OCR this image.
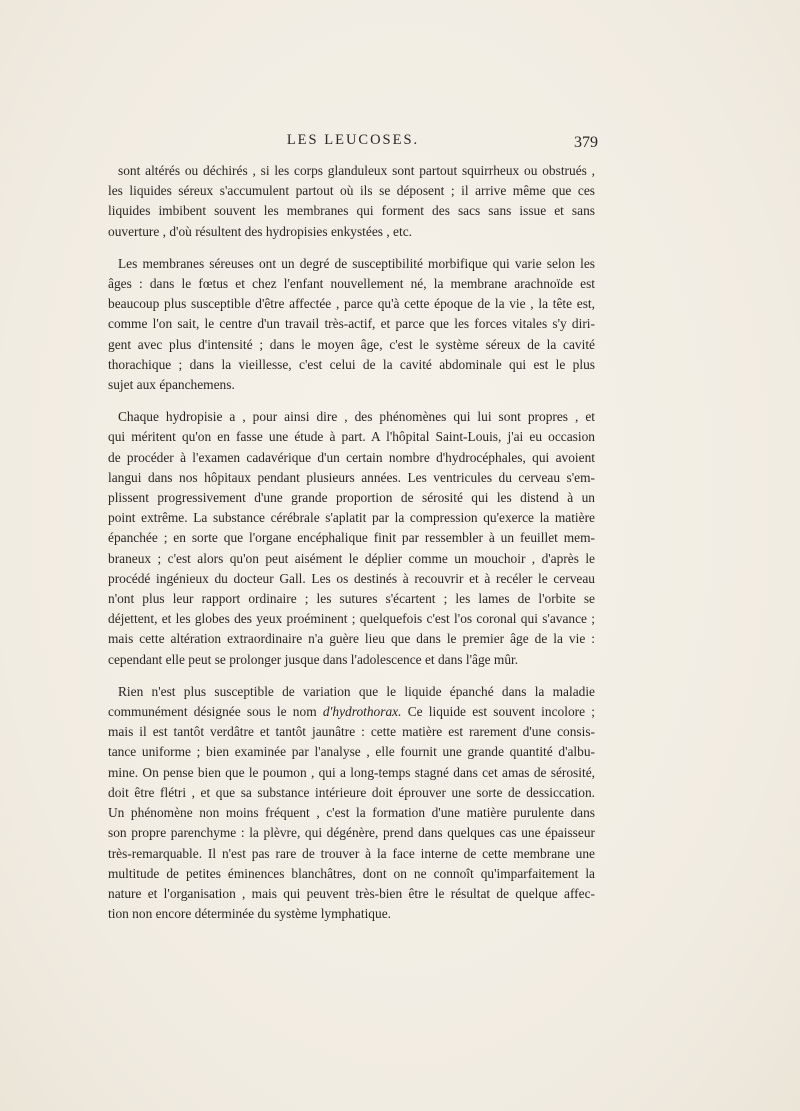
LES LEUCOSES.	379
sont altérés ou déchirés , si les corps glanduleux sont partout squirrheux ou obstrués ,
les liquides séreux s'accumulent partout où ils se déposent ; il arrive même que ces
liquides imbibent souvent les membranes qui forment des sacs sans issue et sans
ouverture , d'où résultent des hydropisies enkystées , etc.
Les membranes séreuses ont un degré de susceptibilité morbifique qui varie selon les
âges : dans le fœtus et chez l'enfant nouvellement né, la membrane arachnoïde est
beaucoup plus susceptible d'être affectée , parce qu'à cette époque de la vie , la tête est,
comme l'on sait, le centre d'un travail très-actif, et parce que les forces vitales s'y diri-
gent avec plus d'intensité ; dans le moyen âge, c'est le système séreux de la cavité
thorachique ; dans la vieillesse, c'est celui de la cavité abdominale qui est le plus
sujet aux épanchemens.
Chaque hydropisie a , pour ainsi dire , des phénomènes qui lui sont propres , et
qui méritent qu'on en fasse une étude à part. A l'hôpital Saint-Louis, j'ai eu occasion
de procéder à l'examen cadavérique d'un certain nombre d'hydrocéphales, qui avoient
langui dans nos hôpitaux pendant plusieurs années. Les ventricules du cerveau s'em-
plissent progressivement d'une grande proportion de sérosité qui les distend à un
point extrême. La substance cérébrale s'aplatit par la compression qu'exerce la matière
épanchée ; en sorte que l'organe encéphalique finit par ressembler à un feuillet mem-
braneux ; c'est alors qu'on peut aisément le déplier comme un mouchoir , d'après le
procédé ingénieux du docteur Gall. Les os destinés à recouvrir et à recéler le cerveau
n'ont plus leur rapport ordinaire ; les sutures s'écartent ; les lames de l'orbite se
déjettent, et les globes des yeux proéminent ; quelquefois c'est l'os coronal qui s'avance ;
mais cette altération extraordinaire n'a guère lieu que dans le premier âge de la vie :
cependant elle peut se prolonger jusque dans l'adolescence et dans l'âge mûr.
Rien n'est plus susceptible de variation que le liquide épanché dans la maladie
communément désignée sous le nom d'hydrothorax. Ce liquide est souvent incolore ;
mais il est tantôt verdâtre et tantôt jaunâtre : cette matière est rarement d'une consis-
tance uniforme ; bien examinée par l'analyse , elle fournit une grande quantité d'albu-
mine. On pense bien que le poumon , qui a long-temps stagné dans cet amas de sérosité,
doit être flétri , et que sa substance intérieure doit éprouver une sorte de dessiccation.
Un phénomène non moins fréquent , c'est la formation d'une matière purulente dans
son propre parenchyme : la plèvre, qui dégénère, prend dans quelques cas une épaisseur
très-remarquable. Il n'est pas rare de trouver à la face interne de cette membrane une
multitude de petites éminences blanchâtres, dont on ne connoît qu'imparfaitement la
nature et l'organisation , mais qui peuvent très-bien être le résultat de quelque affec-
tion non encore déterminée du système lymphatique.
